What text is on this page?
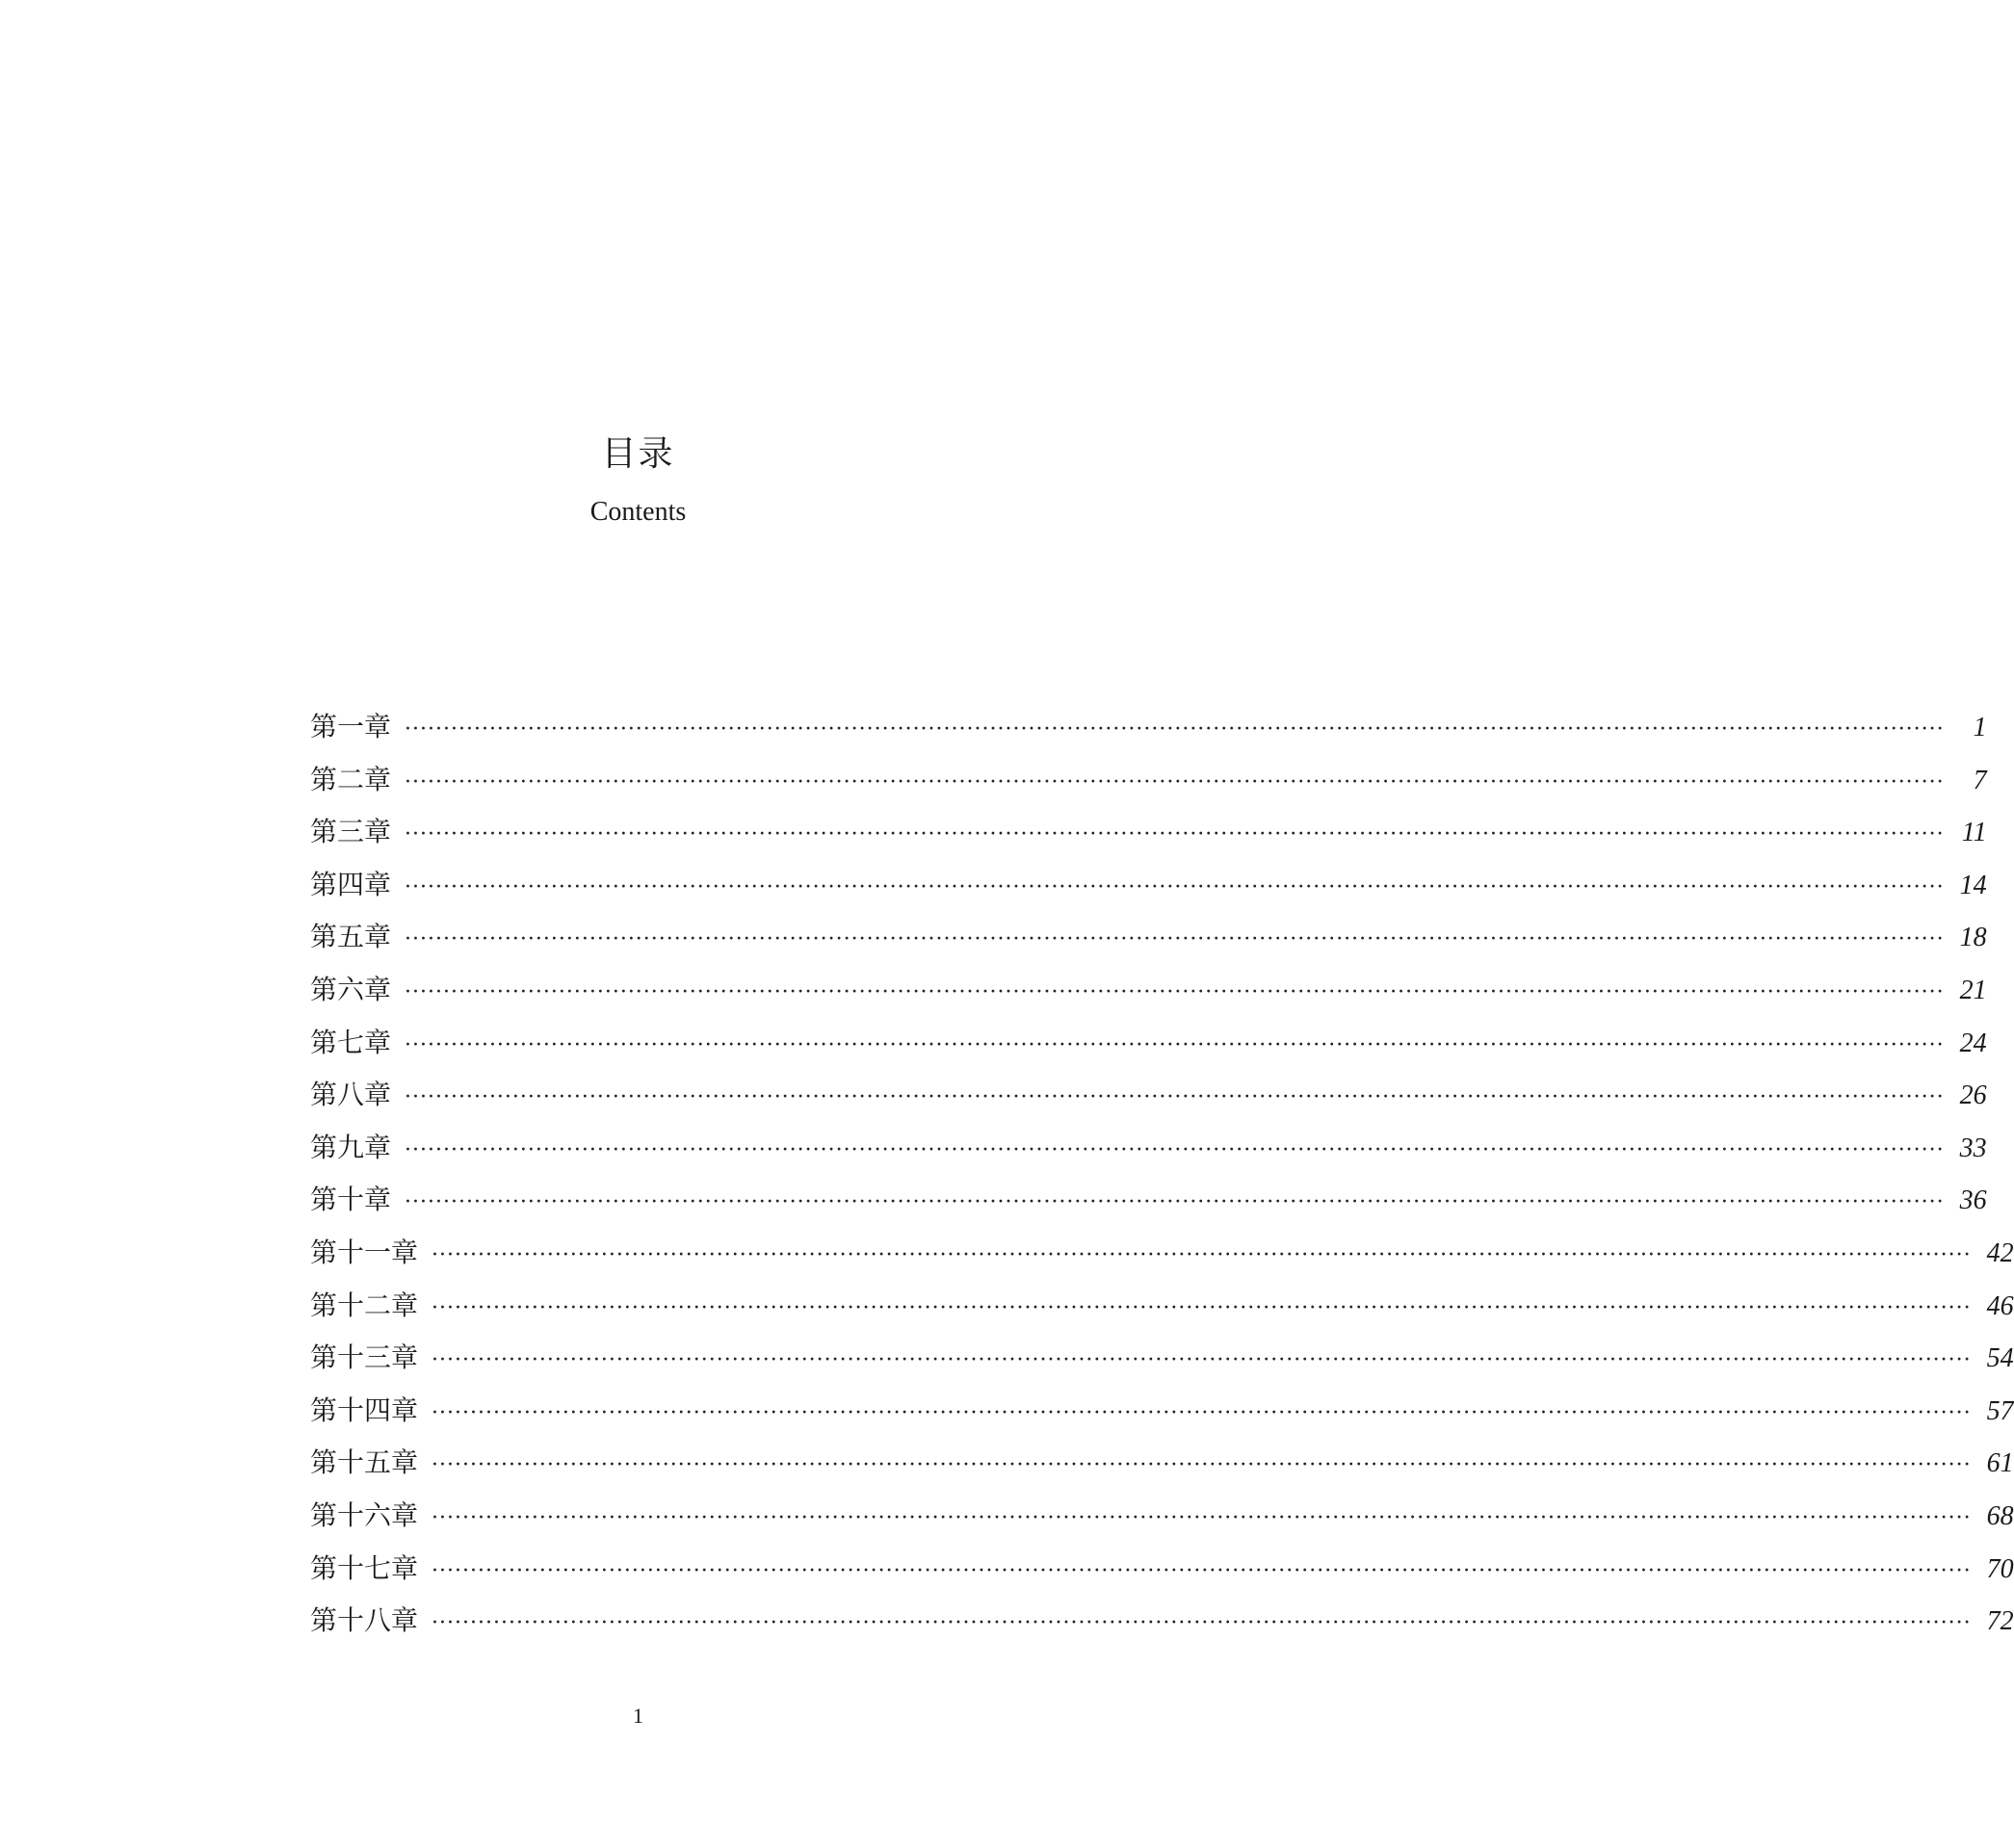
目录
Contents
第一章 ········································································································································································································	1
第二章 ········································································································································································································	7
第三章 ········································································································································································································ 11
第四章 ········································································································································································································ 14
第五章 ········································································································································································································ 18
第六章 ········································································································································································································ 21
第七章 ········································································································································································································ 24
第八章 ········································································································································································································ 26
第九章 ········································································································································································································ 33
第十章 ········································································································································································································ 36
第十一章 ········································································································································································································ 42
第十二章 ········································································································································································································ 46
第十三章 ········································································································································································································ 54
第十四章 ········································································································································································································ 57
第十五章 ········································································································································································································ 61
第十六章 ········································································································································································································ 68
第十七章 ········································································································································································································ 70
第十八章 ········································································································································································································ 72
1
